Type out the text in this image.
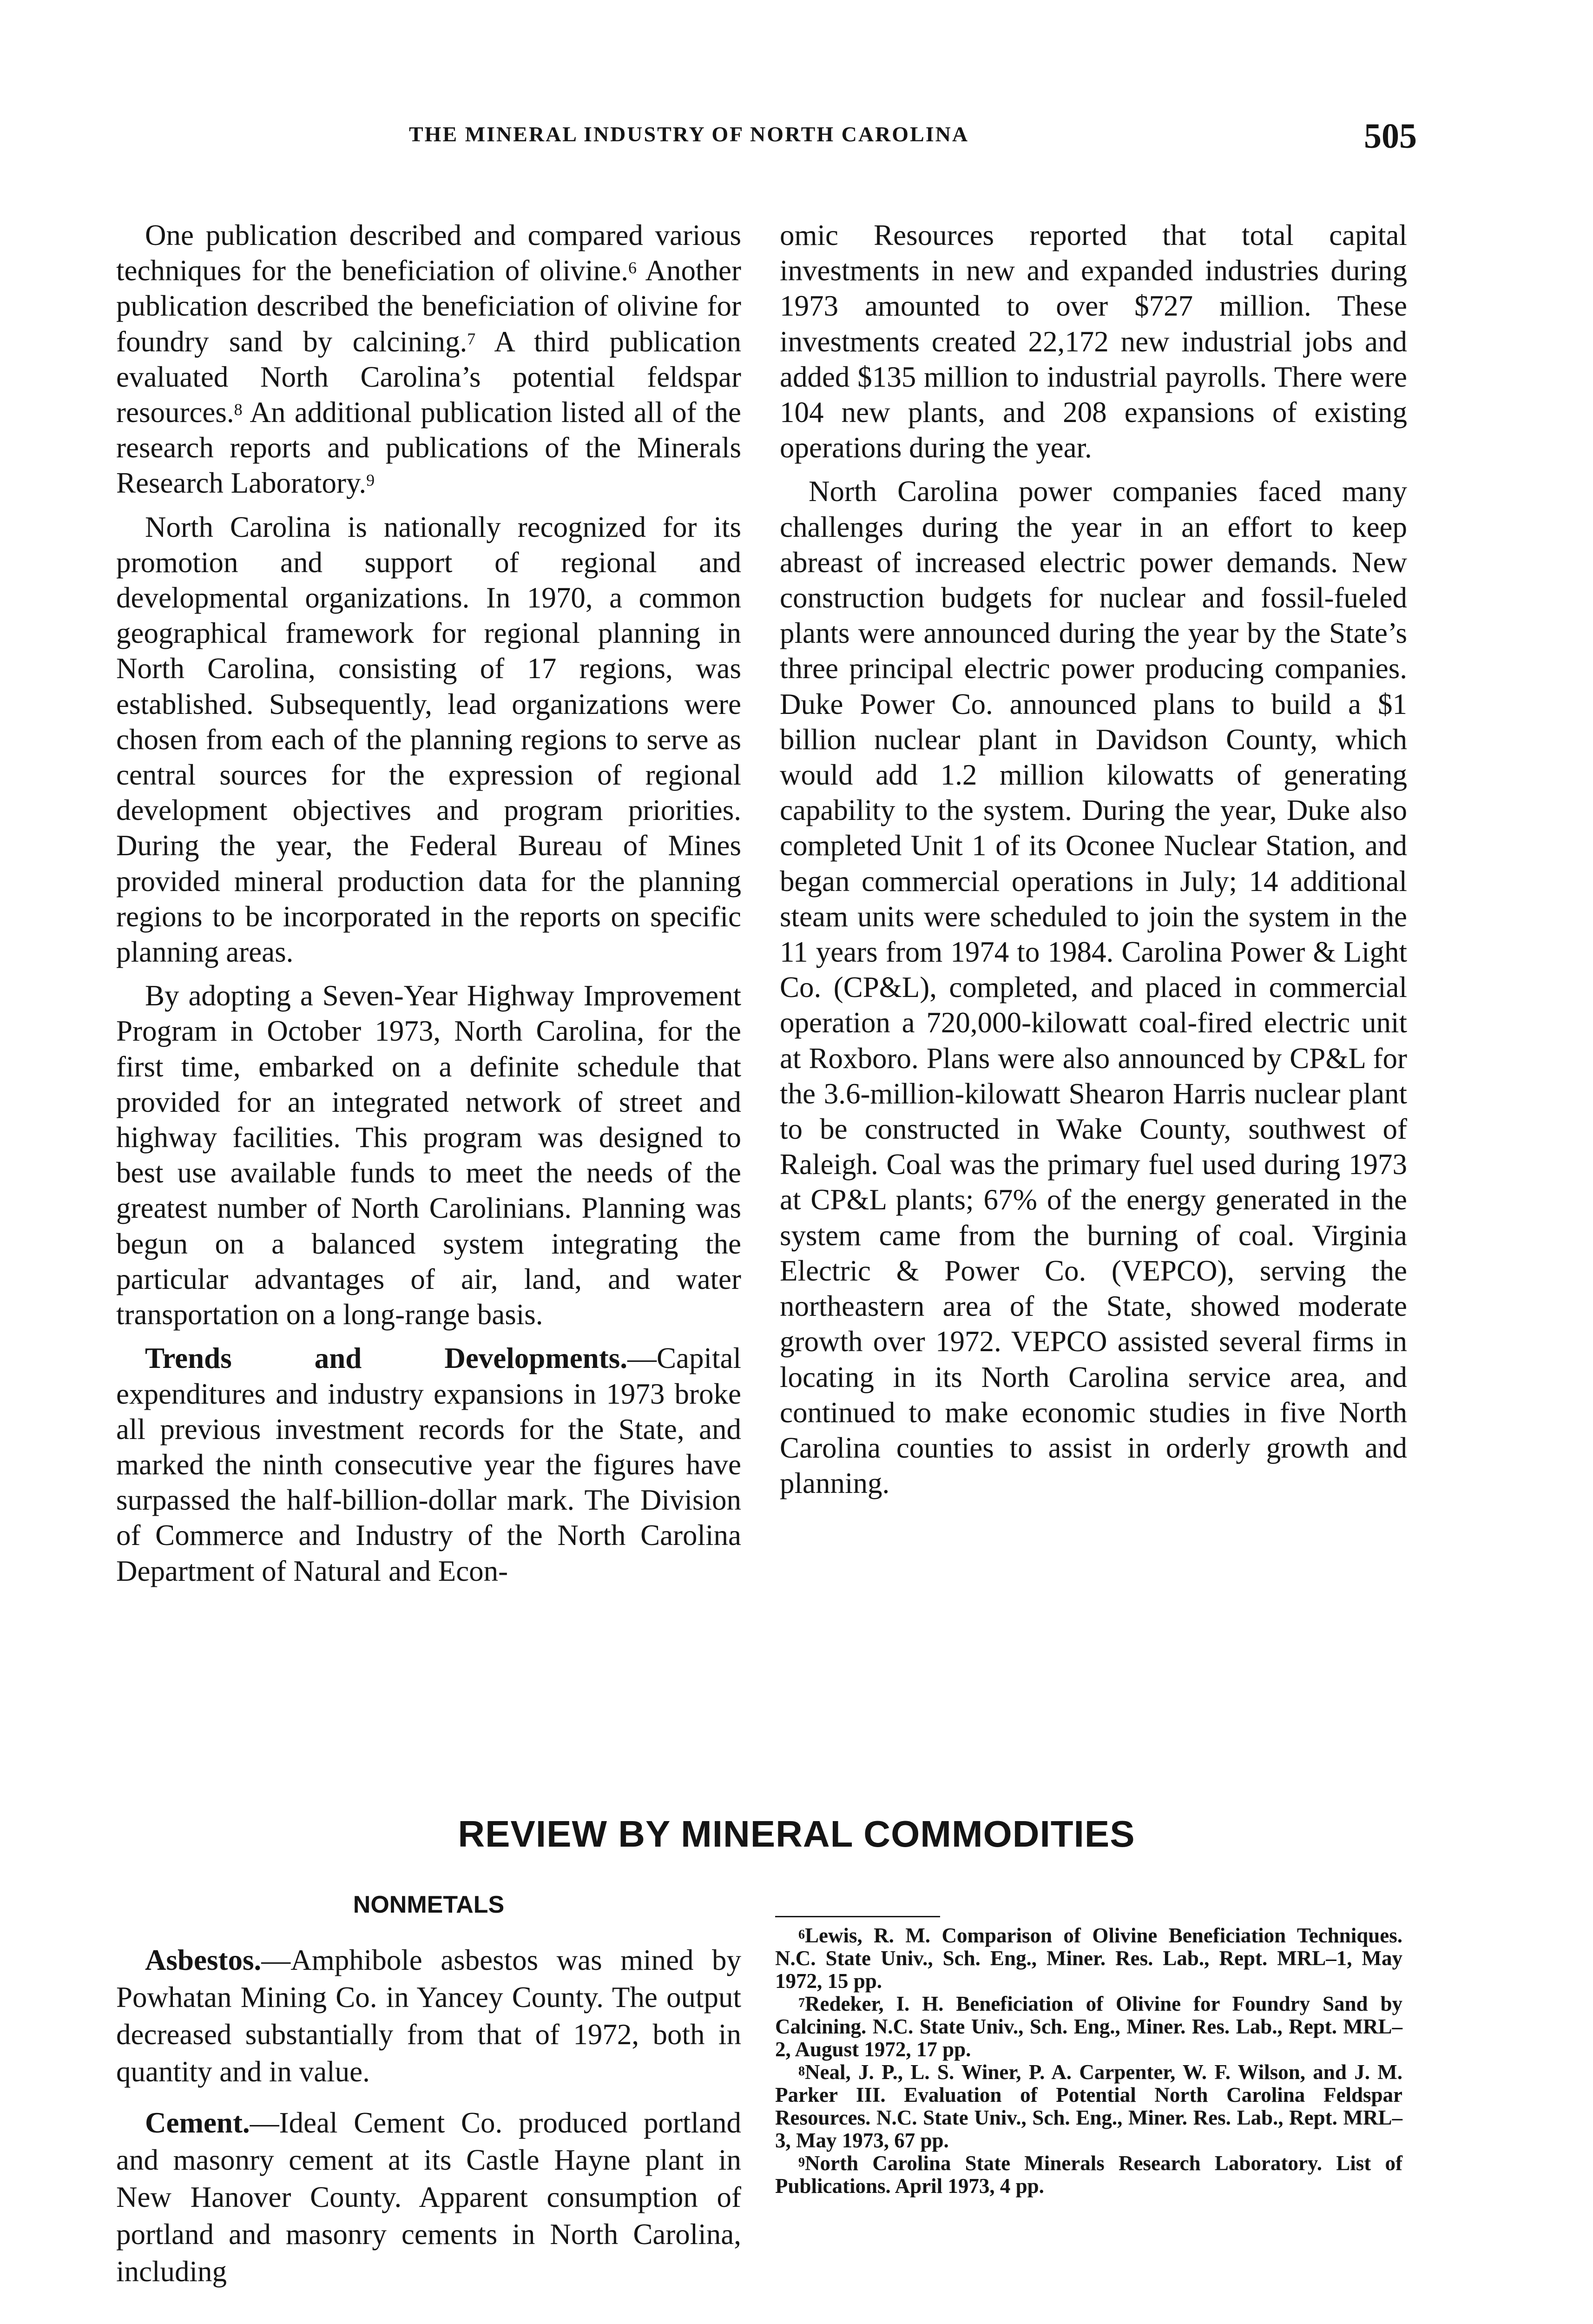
THE MINERAL INDUSTRY OF NORTH CAROLINA	505

One publication described and compared various techniques for the beneficiation of olivine.$^6$ Another publication described the beneficiation of olivine for foundry sand by calcining.$^7$ A third publication evaluated North Carolina’s potential feldspar resources.$^8$ An additional publication listed all of the research reports and publications of the Minerals Research Laboratory.$^9$

North Carolina is nationally recognized for its promotion and support of regional and developmental organizations. In 1970, a common geographical framework for regional planning in North Carolina, consisting of 17 regions, was established. Subsequently, lead organizations were chosen from each of the planning regions to serve as central sources for the expression of regional development objectives and program priorities. During the year, the Federal Bureau of Mines provided mineral production data for the planning regions to be incorporated in the reports on specific planning areas.

By adopting a Seven-Year Highway Improvement Program in October 1973, North Carolina, for the first time, embarked on a definite schedule that provided for an integrated network of street and highway facilities. This program was designed to best use available funds to meet the needs of the greatest number of North Carolinians. Planning was begun on a balanced system integrating the particular advantages of air, land, and water transportation on a long-range basis.

Trends and Developments.—Capital expenditures and industry expansions in 1973 broke all previous investment records for the State, and marked the ninth consecutive year the figures have surpassed the half-billion-dollar mark. The Division of Commerce and Industry of the North Carolina Department of Natural and Econ-

omic Resources reported that total capital investments in new and expanded industries during 1973 amounted to over $727 million. These investments created 22,172 new industrial jobs and added $135 million to industrial payrolls. There were 104 new plants, and 208 expansions of existing operations during the year.

North Carolina power companies faced many challenges during the year in an effort to keep abreast of increased electric power demands. New construction budgets for nuclear and fossil-fueled plants were announced during the year by the State’s three principal electric power producing companies. Duke Power Co. announced plans to build a $1 billion nuclear plant in Davidson County, which would add 1.2 million kilowatts of generating capability to the system. During the year, Duke also completed Unit 1 of its Oconee Nuclear Station, and began commercial operations in July; 14 additional steam units were scheduled to join the system in the 11 years from 1974 to 1984. Carolina Power & Light Co. (CP&L), completed, and placed in commercial operation a 720,000-kilowatt coal-fired electric unit at Roxboro. Plans were also announced by CP&L for the 3.6-million-kilowatt Shearon Harris nuclear plant to be constructed in Wake County, southwest of Raleigh. Coal was the primary fuel used during 1973 at CP&L plants; 67% of the energy generated in the system came from the burning of coal. Virginia Electric & Power Co. (VEPCO), serving the northeastern area of the State, showed moderate growth over 1972. VEPCO assisted several firms in locating in its North Carolina service area, and continued to make economic studies in five North Carolina counties to assist in orderly growth and planning.

REVIEW BY MINERAL COMMODITIES
NONMETALS

Asbestos.—Amphibole asbestos was mined by Powhatan Mining Co. in Yancey County. The output decreased substantially from that of 1972, both in quantity and in value.

Cement.—Ideal Cement Co. produced portland and masonry cement at its Castle Hayne plant in New Hanover County. Apparent consumption of portland and masonry cements in North Carolina, including

$^6$Lewis, R. M. Comparison of Olivine Beneficiation Techniques. N.C. State Univ., Sch. Eng., Miner. Res. Lab., Rept. MRL–1, May 1972, 15 pp.

$^7$Redeker, I. H. Beneficiation of Olivine for Foundry Sand by Calcining. N.C. State Univ., Sch. Eng., Miner. Res. Lab., Rept. MRL–2, August 1972, 17 pp.

$^8$Neal, J. P., L. S. Winer, P. A. Carpenter, W. F. Wilson, and J. M. Parker III. Evaluation of Potential North Carolina Feldspar Resources. N.C. State Univ., Sch. Eng., Miner. Res. Lab., Rept. MRL–3, May 1973, 67 pp.

$^9$North Carolina State Minerals Research Laboratory. List of Publications. April 1973, 4 pp.
